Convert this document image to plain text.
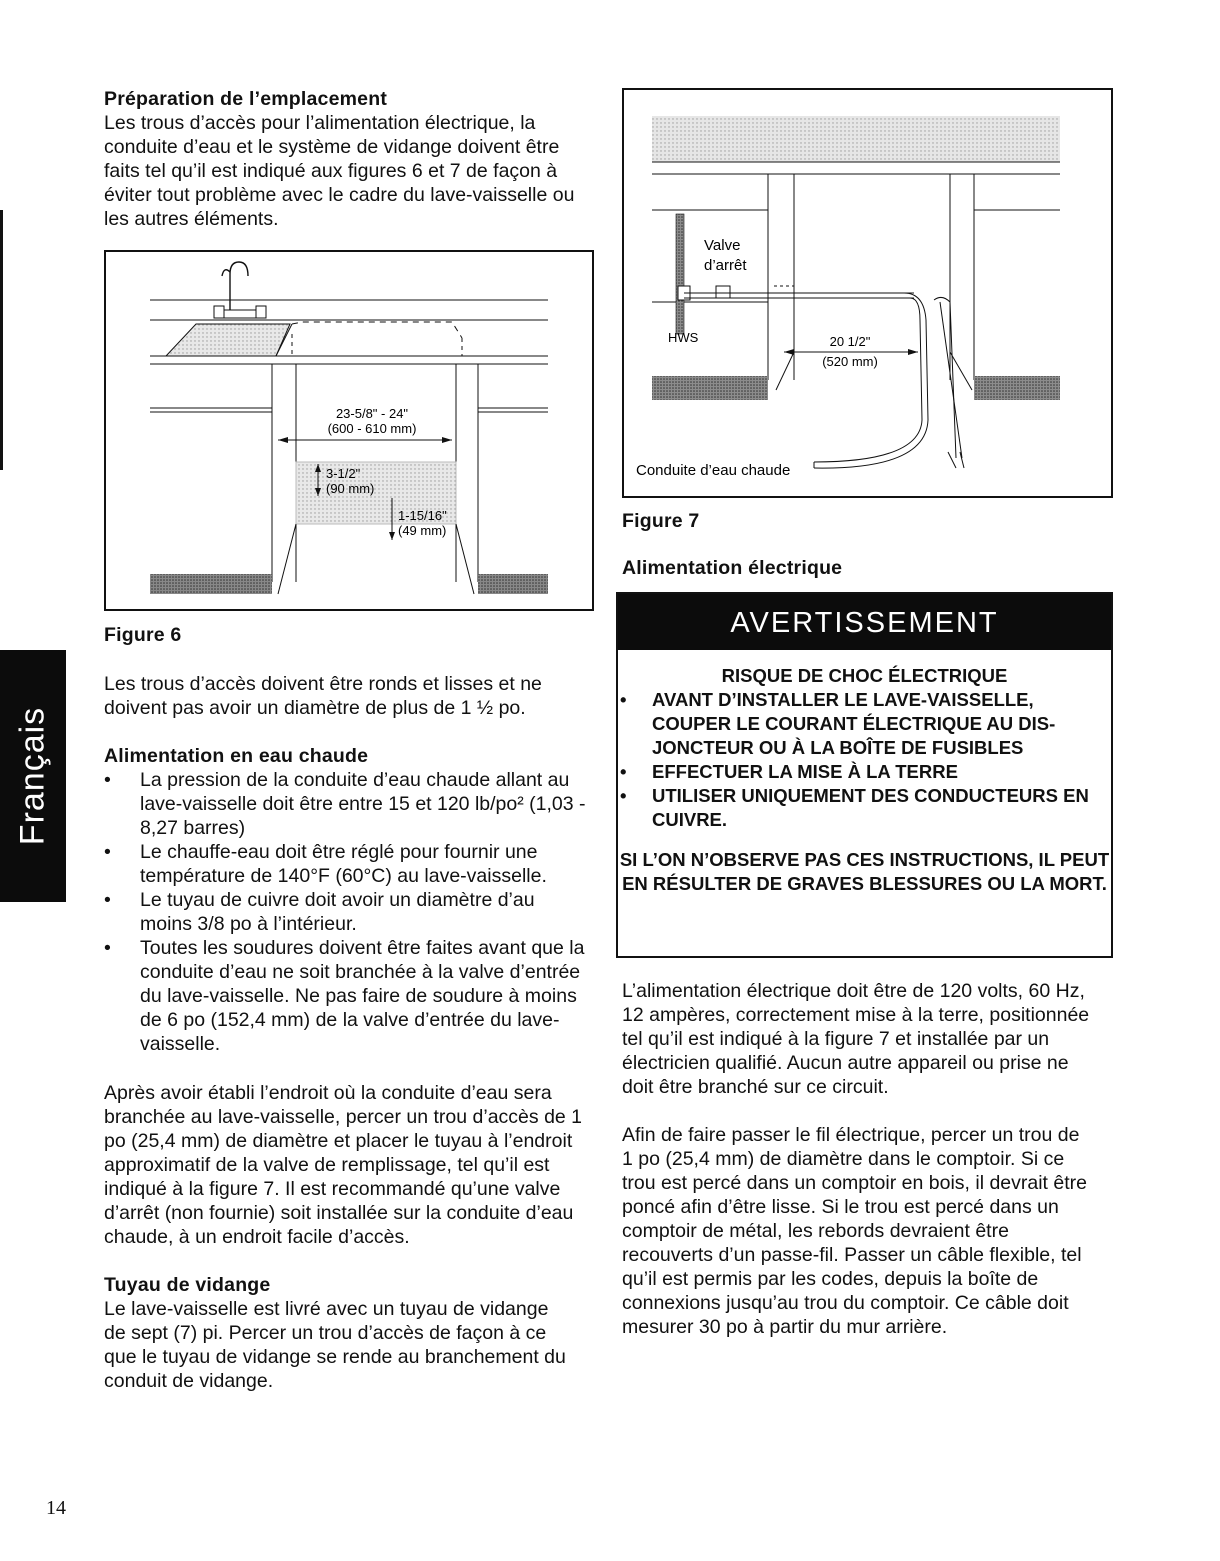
Français
Préparation de l’emplacement

Les trous d’accès pour l’alimentation électrique, la conduite d’eau et le système de vidange doivent être faits tel qu’il est indiqué aux figures 6 et 7 de façon à éviter tout problème avec le cadre du lave-vaisselle ou les autres éléments.

23-5/8" - 24"
(600 - 610 mm)
3-1/2"
(90 mm)
1-15/16"
(49 mm)
Figure 6

Les trous d’accès doivent être ronds et lisses et ne doivent pas avoir un diamètre de plus de 1 ½ po.

Alimentation en eau chaude
• La pression de la conduite d’eau chaude allant au lave-vaisselle doit être entre 15 et 120 lb/po² (1,03 - 8,27 barres)
• Le chauffe-eau doit être réglé pour fournir une température de 140°F (60°C) au lave-vaisselle.
• Le tuyau de cuivre doit avoir un diamètre d’au moins 3/8 po à l’intérieur.
• Toutes les soudures doivent être faites avant que la conduite d’eau ne soit branchée à la valve d’entrée du lave-vaisselle. Ne pas faire de soudure à moins de 6 po (152,4 mm) de la valve d’entrée du lave-vaisselle.

Après avoir établi l’endroit où la conduite d’eau sera branchée au lave-vaisselle, percer un trou d’accès de 1 po (25,4 mm) de diamètre et placer le tuyau à l’endroit approximatif de la valve de remplissage, tel qu’il est indiqué à la figure 7. Il est recommandé qu’une valve d’arrêt (non fournie) soit installée sur la conduite d’eau chaude, à un endroit facile d’accès.

Tuyau de vidange

Le lave-vaisselle est livré avec un tuyau de vidange de sept (7) pi. Percer un trou d’accès de façon à ce que le tuyau de vidange se rende au branchement du conduit de vidange.

20 1/2"
(520 mm)
Valve
d’arrêt
HWS
Conduite d’eau chaude
Figure 7
Alimentation électrique
AVERTISSEMENT
RISQUE DE CHOC ÉLECTRIQUE
• AVANT D’INSTALLER LE LAVE-VAISSELLE, COUPER LE COURANT ÉLECTRIQUE AU DIS-JONCTEUR OU À LA BOÎTE DE FUSIBLES
• EFFECTUER LA MISE À LA TERRE
• UTILISER UNIQUEMENT DES CONDUCTEURS EN CUIVRE.
SI L’ON N’OBSERVE PAS CES INSTRUCTIONS, IL PEUT EN RÉSULTER DE GRAVES BLESSURES OU LA MORT.

L’alimentation électrique doit être de 120 volts, 60 Hz, 12 ampères, correctement mise à la terre, positionnée tel qu’il est indiqué à la figure 7 et installée par un électricien qualifié. Aucun autre appareil ou prise ne doit être branché sur ce circuit.

Afin de faire passer le fil électrique, percer un trou de 1 po (25,4 mm) de diamètre dans le comptoir. Si ce trou est percé dans un comptoir en bois, il devrait être poncé afin d’être lisse. Si le trou est percé dans un comptoir de métal, les rebords devraient être recouverts d’un passe-fil. Passer un câble flexible, tel qu’il est permis par les codes, depuis la boîte de connexions jusqu’au trou du comptoir. Ce câble doit mesurer 30 po à partir du mur arrière.

14
